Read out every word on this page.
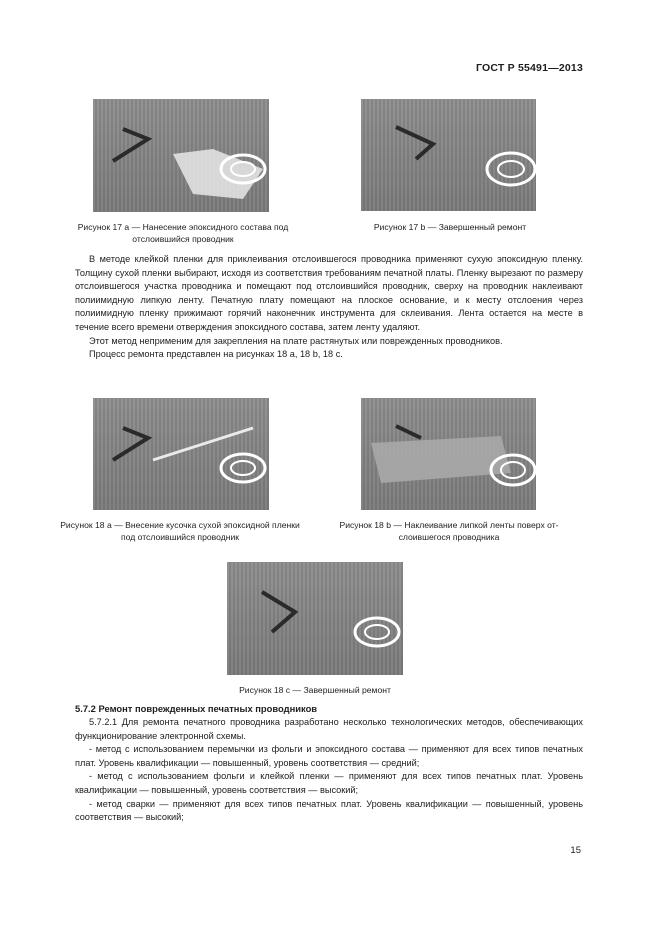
ГОСТ Р 55491—2013
Рисунок 17 а — Нанесение эпоксидного состава под отслоившийся проводник
Рисунок 17 b — Завершенный ремонт

В методе клейкой пленки для приклеивания отслоившегося проводника применяют сухую эпоксидную пленку. Толщину сухой пленки выбирают, исходя из соответствия требованиям печатной платы. Пленку вырезают по размеру отслоившегося участка проводника и помещают под отслоившийся проводник, сверху на проводник наклеивают полиимидную липкую ленту. Печатную плату помещают на плоское основание, и к месту отслоения через полиимидную пленку прижимают горячий наконечник инструмента для склеивания. Лента остается на месте в течение всего времени отверждения эпоксидного состава, затем ленту удаляют.

Этот метод неприменим для закрепления на плате растянутых или поврежденных проводников.

Процесс ремонта представлен на рисунках 18 а, 18 b, 18 с.

Рисунок 18 а — Внесение кусочка сухой эпоксидной пленки под отслоившийся проводник
Рисунок 18 b — Наклеивание липкой ленты поверх от-слоившегося проводника
Рисунок 18 с — Завершенный ремонт
5.7.2 Ремонт поврежденных печатных проводников

5.7.2.1 Для ремонта печатного проводника разработано несколько технологических методов, обеспечивающих функционирование электронной схемы.

- метод с использованием перемычки из фольги и эпоксидного состава — применяют для всех типов печатных плат. Уровень квалификации — повышенный, уровень соответствия — средний;

- метод с использованием фольги и клейкой пленки — применяют для всех типов печатных плат. Уровень квалификации — повышенный, уровень соответствия — высокий;

- метод сварки — применяют для всех типов печатных плат. Уровень квалификации — повышенный, уровень соответствия — высокий;

15
